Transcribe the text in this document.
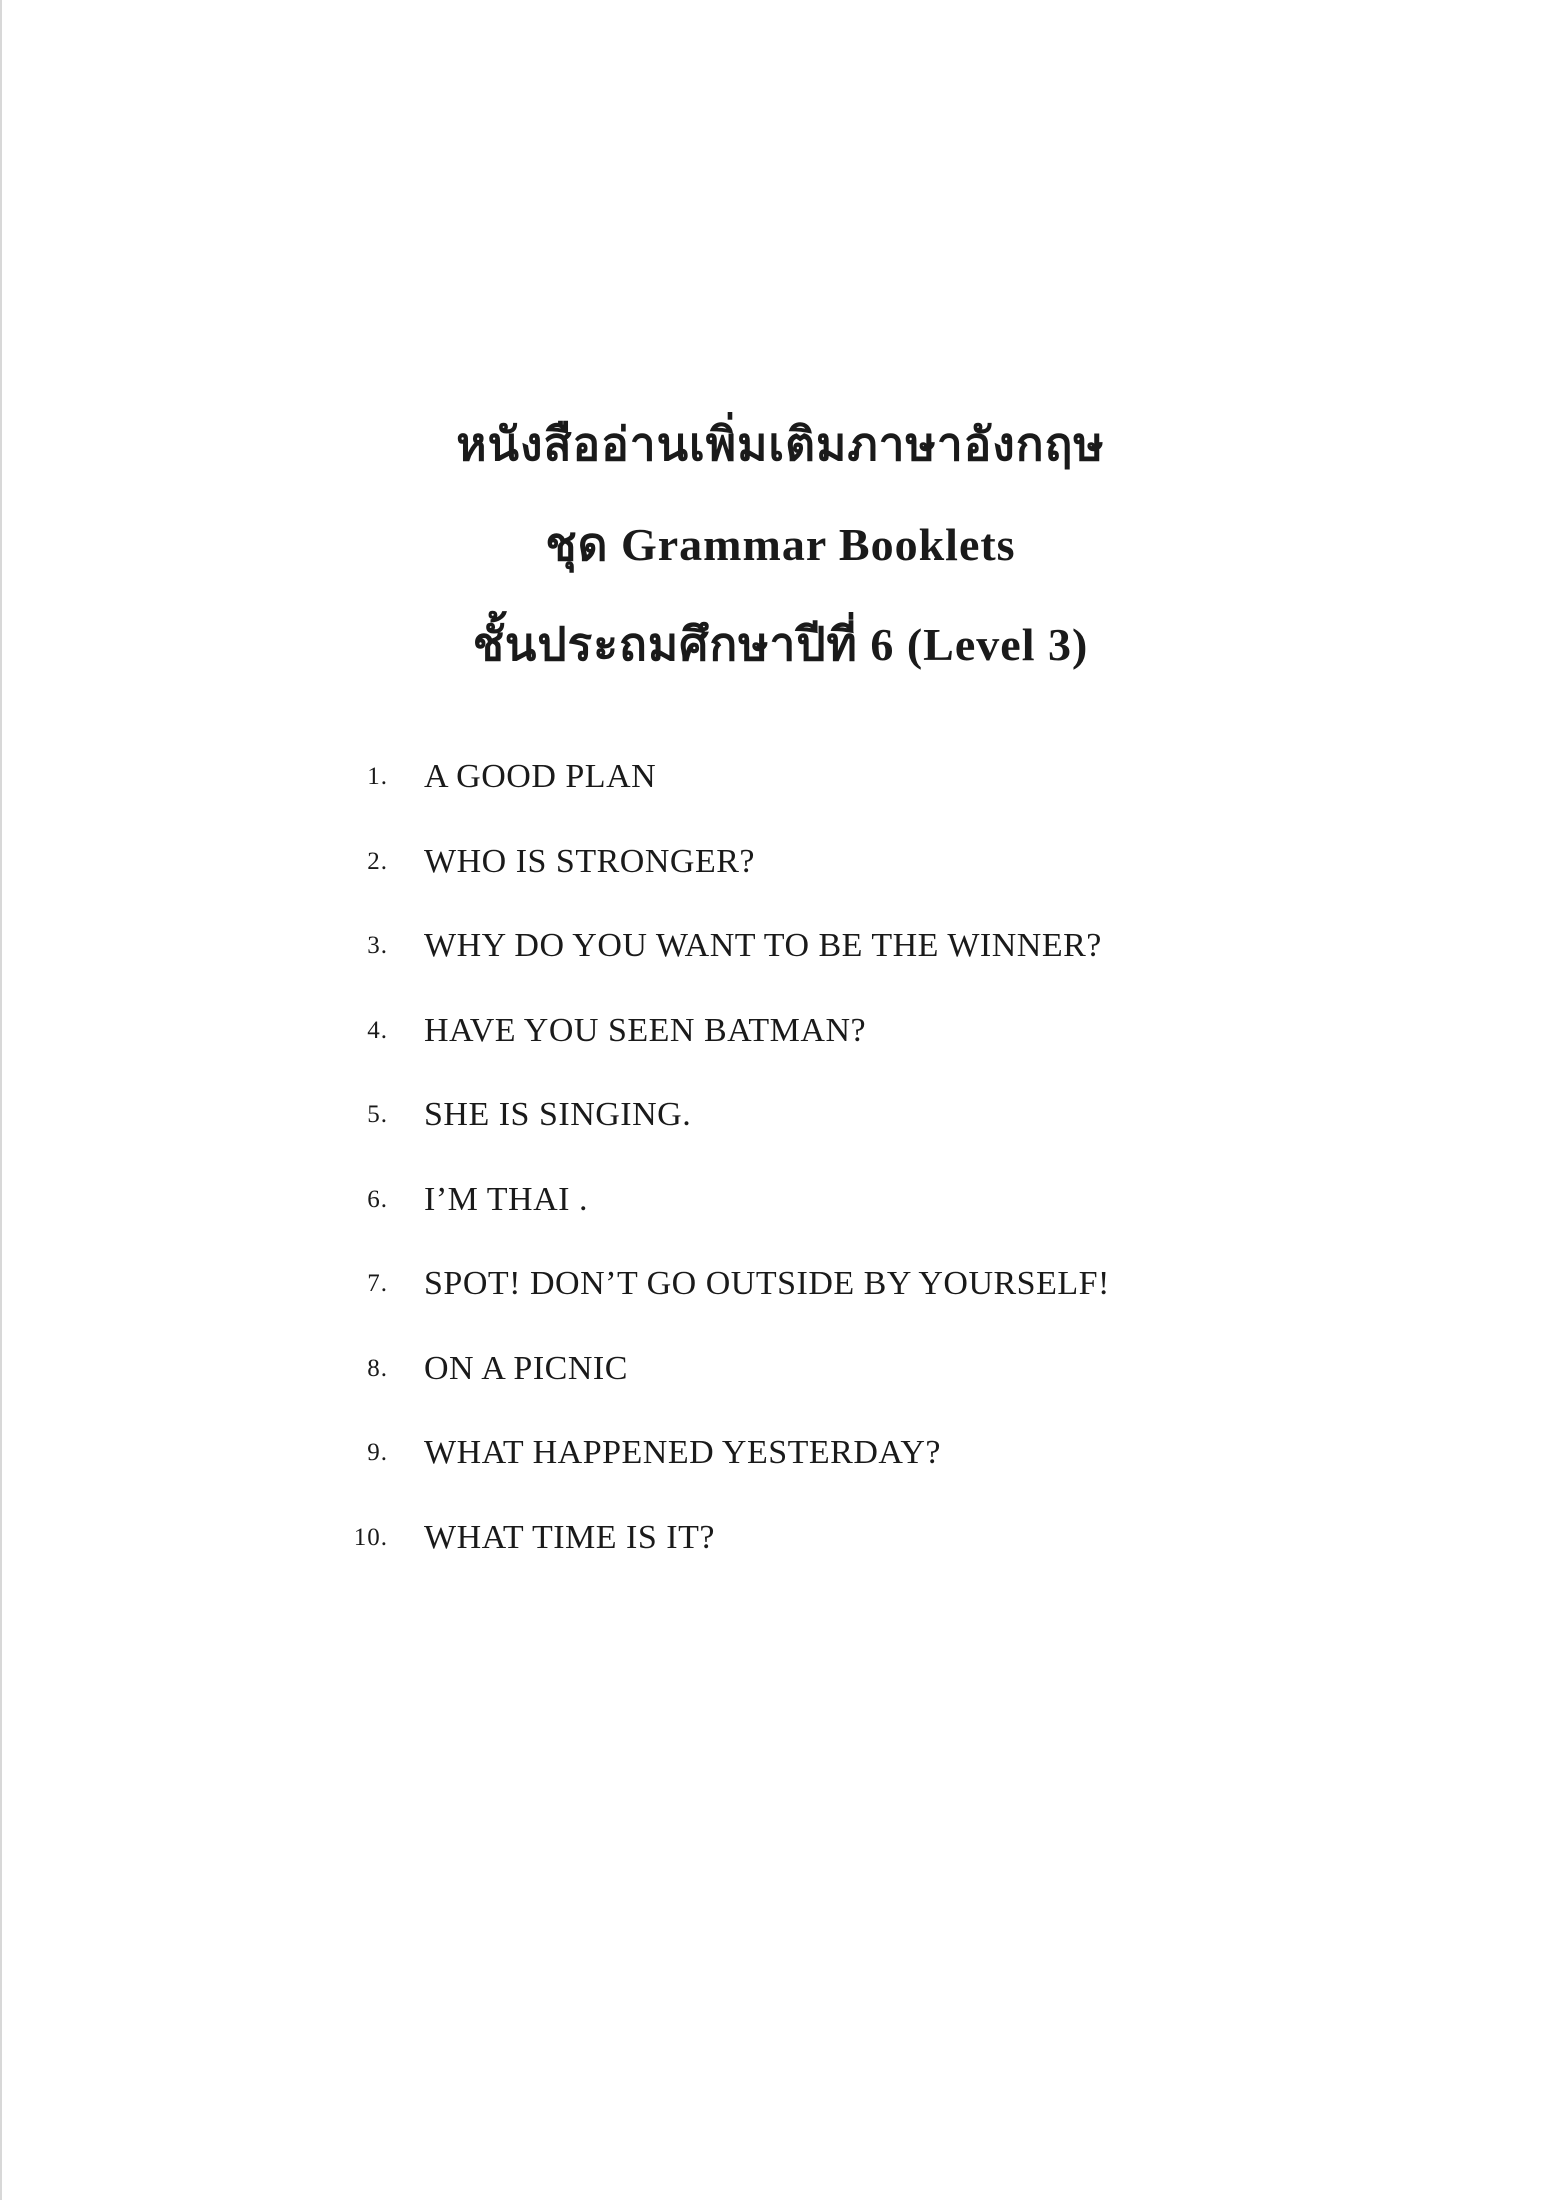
หนังสืออ่านเพิ่มเติมภาษาอังกฤษ
ชุด Grammar Booklets
ชั้นประถมศึกษาปีที่ 6 (Level 3)
1. A GOOD PLAN
2. WHO IS STRONGER?
3. WHY DO YOU WANT TO BE THE WINNER?
4. HAVE YOU SEEN BATMAN?
5. SHE IS SINGING.
6. I’M THAI .
7. SPOT! DON’T GO OUTSIDE BY YOURSELF!
8. ON A PICNIC
9. WHAT HAPPENED YESTERDAY?
10. WHAT TIME IS IT?
